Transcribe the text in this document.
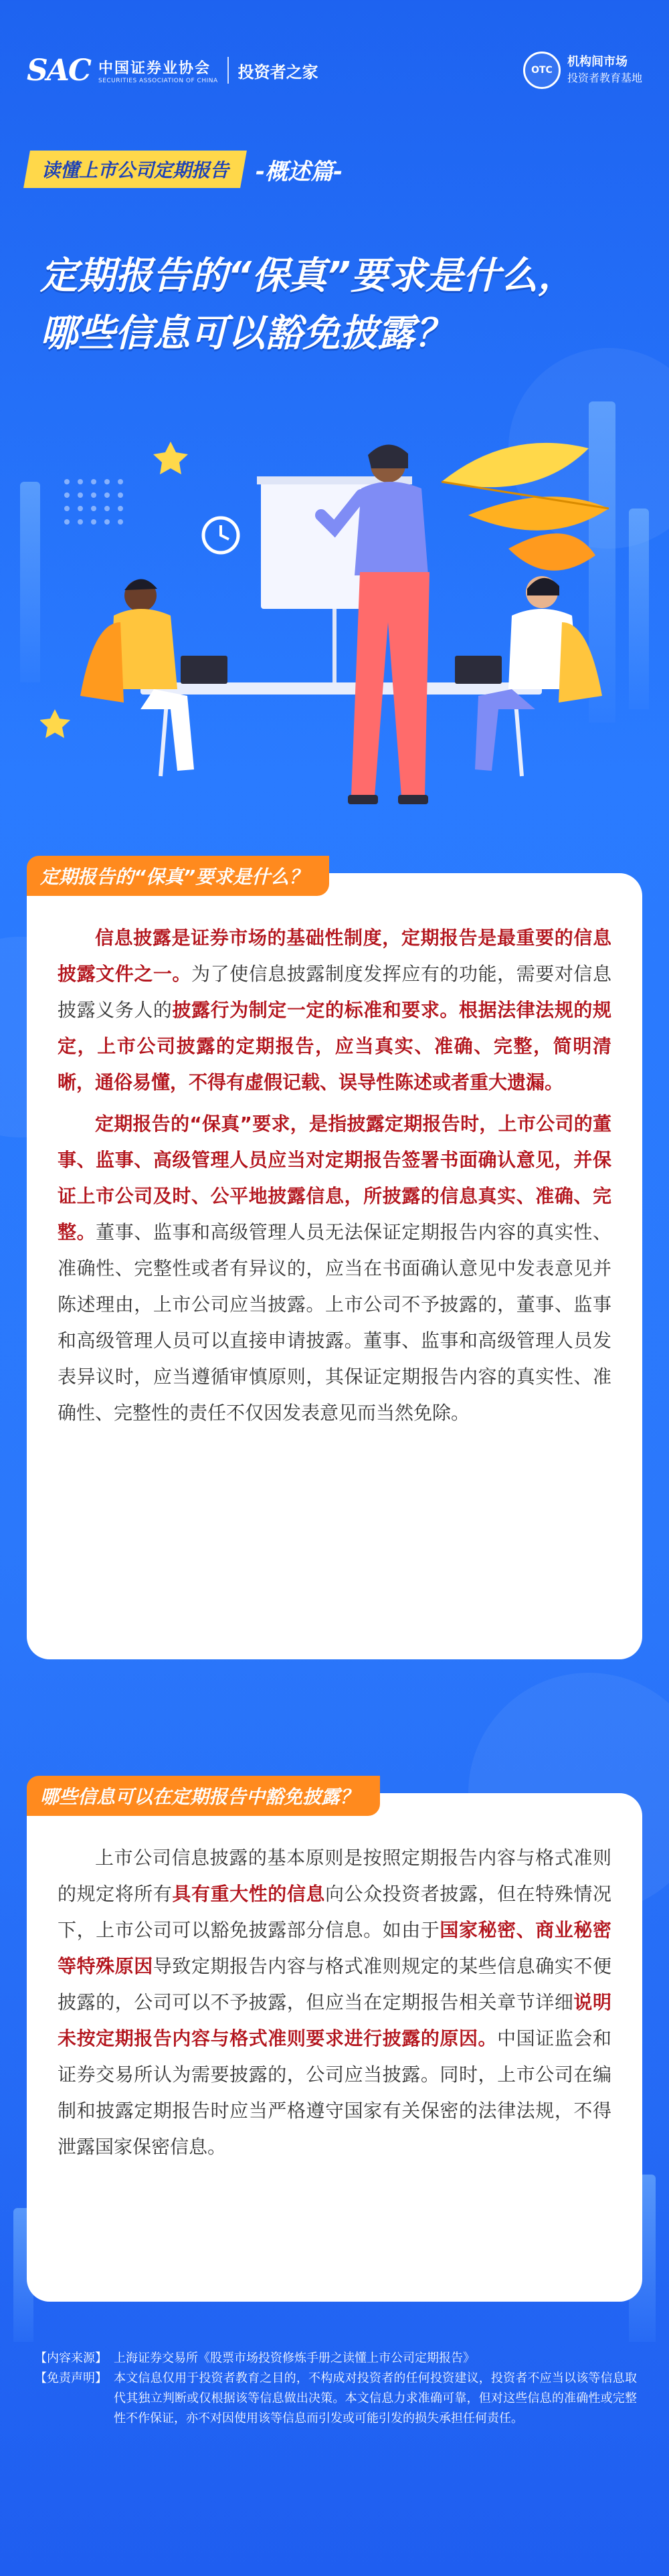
SAC 中国证券业协会
SECURITIES ASSOCIATION OF CHINA 投资者之家	OTC
机构间市场
投资者教育基地
读懂上市公司定期报告	-概述篇-
定期报告的“保真”要求是什么，
哪些信息可以豁免披露？
定期报告的“保真”要求是什么？

信息披露是证券市场的基础性制度，定期报告是最重要的信息披露文件之一。为了使信息披露制度发挥应有的功能，需要对信息披露义务人的披露行为制定一定的标准和要求。根据法律法规的规定，上市公司披露的定期报告，应当真实、准确、完整，简明清晰，通俗易懂，不得有虚假记载、误导性陈述或者重大遗漏。

定期报告的“保真”要求，是指披露定期报告时，上市公司的董事、监事、高级管理人员应当对定期报告签署书面确认意见，并保证上市公司及时、公平地披露信息，所披露的信息真实、准确、完整。董事、监事和高级管理人员无法保证定期报告内容的真实性、准确性、完整性或者有异议的，应当在书面确认意见中发表意见并陈述理由，上市公司应当披露。上市公司不予披露的，董事、监事和高级管理人员可以直接申请披露。董事、监事和高级管理人员发表异议时，应当遵循审慎原则，其保证定期报告内容的真实性、准确性、完整性的责任不仅因发表意见而当然免除。

哪些信息可以在定期报告中豁免披露？

上市公司信息披露的基本原则是按照定期报告内容与格式准则的规定将所有具有重大性的信息向公众投资者披露，但在特殊情况下，上市公司可以豁免披露部分信息。如由于国家秘密、商业秘密等特殊原因导致定期报告内容与格式准则规定的某些信息确实不便披露的，公司可以不予披露，但应当在定期报告相关章节详细说明未按定期报告内容与格式准则要求进行披露的原因。中国证监会和证券交易所认为需要披露的，公司应当披露。同时，上市公司在编制和披露定期报告时应当严格遵守国家有关保密的法律法规，不得泄露国家保密信息。

【内容来源】 上海证券交易所《股票市场投资修炼手册之读懂上市公司定期报告》
【免责声明】 本文信息仅用于投资者教育之目的，不构成对投资者的任何投资建议，投资者不应当以该等信息取代其独立判断或仅根据该等信息做出决策。本文信息力求准确可靠，但对这些信息的准确性或完整性不作保证，亦不对因使用该等信息而引发或可能引发的损失承担任何责任。
